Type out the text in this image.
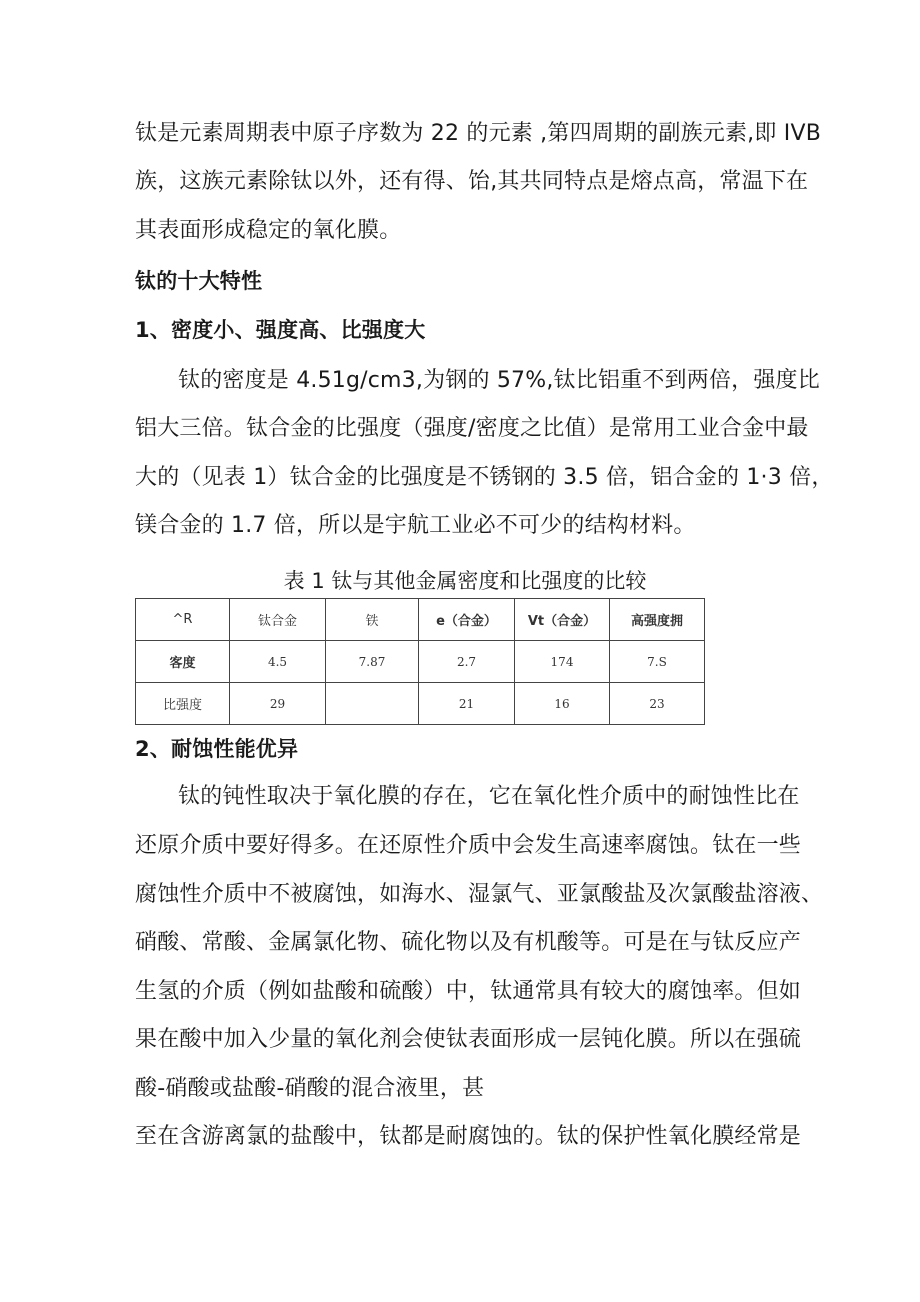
钛是元素周期表中原子序数为 22 的元素 ,第四周期的副族元素,即 IVB
族，这族元素除钛以外，还有得、饴,其共同特点是熔点高，常温下在
其表面形成稳定的氧化膜。
钛的十大特性
1、密度小、强度高、比强度大
钛的密度是 4.51g/cm3,为钢的 57%,钛比铝重不到两倍，强度比
铝大三倍。钛合金的比强度（强度/密度之比值）是常用工业合金中最
大的（见表 1）钛合金的比强度是不锈钢的 3.5 倍，铝合金的 1·3 倍，
镁合金的 1.7 倍，所以是宇航工业必不可少的结构材料。
表 1 钛与其他金属密度和比强度的比较
^R	钛合金	铁	e（合金）	Vt（合金）	高强度拥
客度	4.5	7.87	2.7	174	7.S
比强度	29		21	16	23
2、耐蚀性能优异
钛的钝性取决于氧化膜的存在，它在氧化性介质中的耐蚀性比在
还原介质中要好得多。在还原性介质中会发生高速率腐蚀。钛在一些
腐蚀性介质中不被腐蚀，如海水、湿氯气、亚氯酸盐及次氯酸盐溶液、
硝酸、常酸、金属氯化物、硫化物以及有机酸等。可是在与钛反应产
生氢的介质（例如盐酸和硫酸）中，钛通常具有较大的腐蚀率。但如
果在酸中加入少量的氧化剂会使钛表面形成一层钝化膜。所以在强硫
酸-硝酸或盐酸-硝酸的混合液里，甚
至在含游离氯的盐酸中，钛都是耐腐蚀的。钛的保护性氧化膜经常是
